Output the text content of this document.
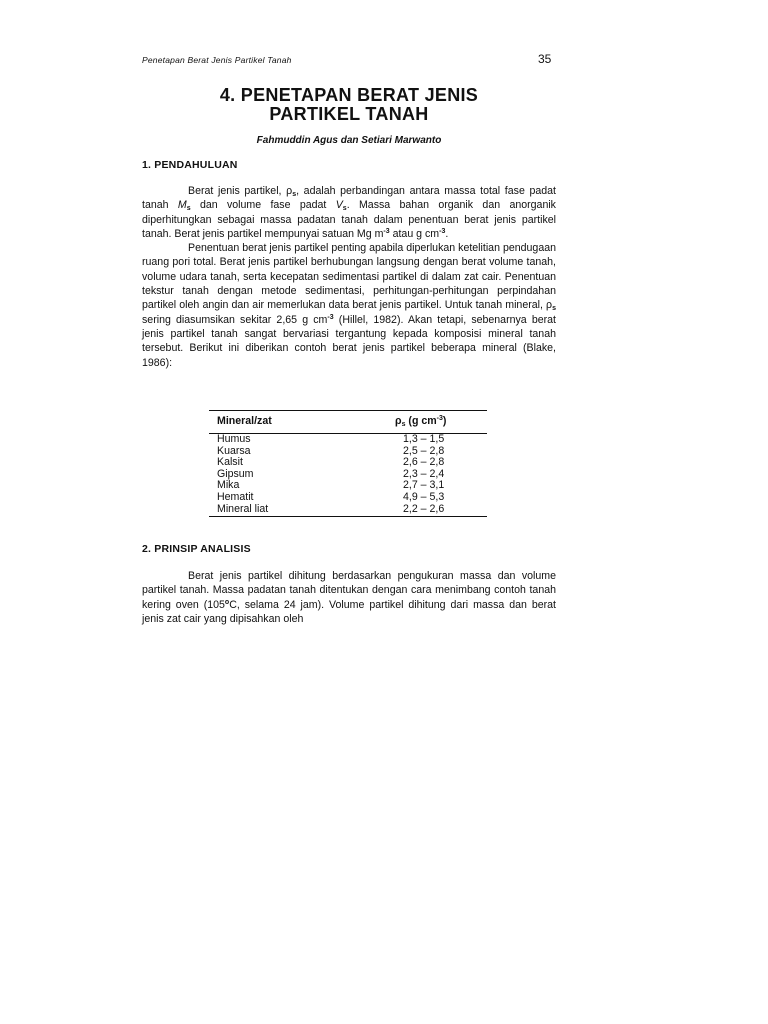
Penetapan Berat Jenis Partikel Tanah	35
4. PENETAPAN BERAT JENIS
PARTIKEL TANAH
Fahmuddin Agus dan Setiari Marwanto
1. PENDAHULUAN

Berat jenis partikel, $\rho_s$, adalah perbandingan antara massa total fase padat tanah $M_s$ dan volume fase padat $V_s$. Massa bahan organik dan anorganik diperhitungkan sebagai massa padatan tanah dalam penentuan berat jenis partikel tanah. Berat jenis partikel mempunyai satuan Mg $m^{-3}$ atau g $cm^{-3}$.

Penentuan berat jenis partikel penting apabila diperlukan ketelitian pendugaan ruang pori total. Berat jenis partikel berhubungan langsung dengan berat volume tanah, volume udara tanah, serta kecepatan sedimentasi partikel di dalam zat cair. Penentuan tekstur tanah dengan metode sedimentasi, perhitungan-perhitungan perpindahan partikel oleh angin dan air memerlukan data berat jenis partikel. Untuk tanah mineral, $\rho_s$ sering diasumsikan sekitar 2,65 g $cm^{-3}$ (Hillel, 1982). Akan tetapi, sebenarnya berat jenis partikel tanah sangat bervariasi tergantung kepada komposisi mineral tanah tersebut. Berikut ini diberikan contoh berat jenis partikel beberapa mineral (Blake, 1986):

Mineral/zat	$\rho_s$ (g $cm^{-3}$)
Humus	1,3 – 1,5
Kuarsa	2,5 – 2,8
Kalsit	2,6 – 2,8
Gipsum	2,3 – 2,4
Mika	2,7 – 3,1
Hematit	4,9 – 5,3
Mineral liat	2,2 – 2,6
2. PRINSIP ANALISIS

Berat jenis partikel dihitung berdasarkan pengukuran massa dan volume partikel tanah. Massa padatan tanah ditentukan dengan cara menimbang contoh tanah kering oven (105$^o$C, selama 24 jam). Volume partikel dihitung dari massa dan berat jenis zat cair yang dipisahkan oleh
